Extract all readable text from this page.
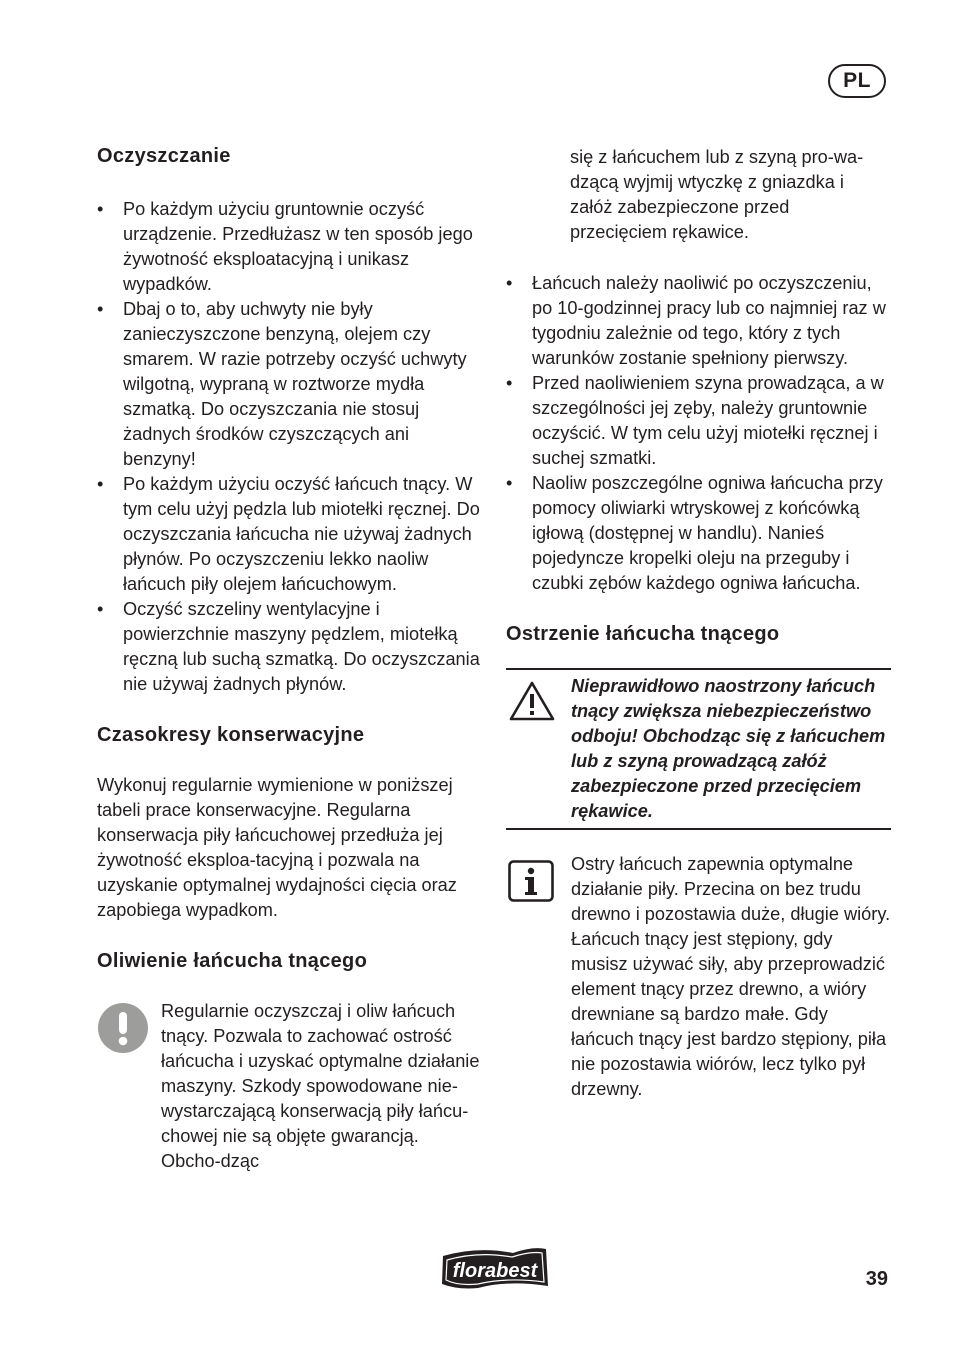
PL
Oczyszczanie
• Po każdym użyciu gruntownie oczyść urządzenie. Przedłużasz w ten sposób jego żywotność eksploatacyjną i unikasz wypadków.
• Dbaj o to, aby uchwyty nie były zanieczyszczone benzyną, olejem czy smarem. W razie potrzeby oczyść uchwyty wilgotną, wypraną w roztworze mydła szmatką. Do oczyszczania nie stosuj żadnych środków czyszczących ani benzyny!
• Po każdym użyciu oczyść łańcuch tnący. W tym celu użyj pędzla lub miotełki ręcznej. Do oczyszczania łańcucha nie używaj żadnych płynów. Po oczyszczeniu lekko naoliw łańcuch piły olejem łańcuchowym.
• Oczyść szczeliny wentylacyjne i powierzchnie maszyny pędzlem, miotełką ręczną lub suchą szmatką. Do oczyszczania nie używaj żadnych płynów.
Czasokresy konserwacyjne

Wykonuj regularnie wymienione w poniższej tabeli prace konserwacyjne. Regularna konserwacja piły łańcuchowej przedłuża jej żywotność eksploa-tacyjną i pozwala na uzyskanie optymalnej wydajności cięcia oraz zapobiega wypadkom.

Oliwienie łańcucha tnącego

Regularnie oczyszczaj i oliw łańcuch tnący. Pozwala to zachować ostrość łańcucha i uzyskać optymalne działanie maszyny. Szkody spowodowane nie-wystarczającą konserwacją piły łańcu-chowej nie są objęte gwarancją. Obcho-dząc

się z łańcuchem lub z szyną pro-wa-dzącą wyjmij wtyczkę z gniazdka i załóż zabezpieczone przed przecięciem rękawice.

• Łańcuch należy naoliwić po oczyszczeniu, po 10-godzinnej pracy lub co najmniej raz w tygodniu zależnie od tego, który z tych warunków zostanie spełniony pierwszy.
• Przed naoliwieniem szyna prowadząca, a w szczególności jej zęby, należy gruntownie oczyścić. W tym celu użyj miotełki ręcznej i suchej szmatki.
• Naoliw poszczególne ogniwa łańcucha przy pomocy oliwiarki wtryskowej z końcówką igłową (dostępnej w handlu). Nanieś pojedyncze kropelki oleju na przeguby i czubki zębów każdego ogniwa łańcucha.
Ostrzenie łańcucha tnącego
Nieprawidłowo naostrzony łańcuch tnący zwiększa niebezpieczeństwo odboju! Obchodząc się z łańcuchem lub z szyną prowadzącą załóż zabezpieczone przed przecięciem rękawice.

Ostry łańcuch zapewnia optymalne działanie piły. Przecina on bez trudu drewno i pozostawia duże, długie wióry. Łańcuch tnący jest stępiony, gdy musisz używać siły, aby przeprowadzić element tnący przez drewno, a wióry drewniane są bardzo małe. Gdy łańcuch tnący jest bardzo stępiony, piła nie pozostawia wiórów, lecz tylko pył drzewny.

florabest	39
